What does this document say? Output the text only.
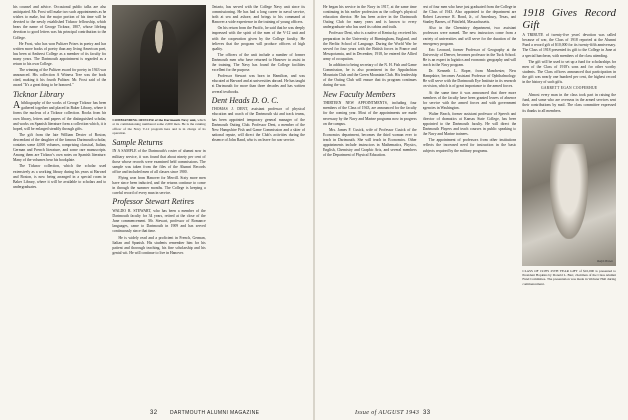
his counsel and advice. Occasional public talks are also anticipated. Mr. Frost will make two such appointments as he wishes to make, but the major portion of his time will be devoted to the newly established Ticknor fellowship, which bears the name of George Ticknor, 1807, whose lifelong devotion to good letters was his principal contribution to the College.

He Frost, who has won Pulitzer Prizes in poetry and has written more books of poetry than any living American poet, has been at Amherst College as a member of its faculty for many years. The Dartmouth appointment is regarded as a return to his own College.

The winning of the Pulitzer award for poetry in 1943 was announced. His collection A Witness Tree was the book cited, making it his fourth Pulitzer. Mr. Frost said of the award "It's a great thing to be honored."

Ticknor Library

Abibliography of the works of George Ticknor has been gathered together and placed in Baker Library, where it forms the nucleus of a Ticknor collection. Books from his own library, letters and papers of the distinguished scholar, and works on Spanish literature form a collection which, it is hoped, will be enlarged steadily through gifts.

The gift from the late William Dexter of Boston, descendant of the daughter of the famous Dartmouth scholar, contains some 4,000 volumes, comprising classical, Italian, German and French literature, and some rare manuscripts. Among them are Ticknor's own notes on Spanish literature. Many of the volumes bear his bookplate.

The Ticknor collection, which the scholar used extensively as a working library during his years at Harvard and Boston, is now being arranged in a special room in Baker Library, where it will be available to scholars and to undergraduates.

COMMANDING OFFICER of the Dartmouth Navy unit, which at its commissioning numbered some 2,000 men. He is the ranking officer of the Navy V-12 program here and is in charge of its operation.
Sample Returns

IN A SAMPLE of the Dartmouth's roster of alumni now in military service, it was found that about ninety per cent of those whose records were examined held commissions. The sample was taken from the files of the Alumni Records office and included men of all classes since 1900.

Flying won from Hanover for Merrill. Sixty more men have since been inducted, and the returns continue to come in through the summer months. The College is keeping a careful record of every man in service.

Professor Stewart Retires

WALDO R. STEWART, who has been a member of the Dartmouth faculty for 34 years, retired at the close of the June commencement. Mr. Stewart, professor of Romance languages, came to Dartmouth in 1909 and has served continuously since that time.

He is widely read and a proficient in French, German, Italian and Spanish. His students remember him for his patient and thorough teaching, his fine scholarship and his genial wit. He will continue to live in Hanover.

Ontario, has served with the College Navy unit since its commissioning. He has had a long career in naval service, both at sea and ashore, and brings to his command at Hanover a wide experience in the training of young officers.

On his return from the Pacific, he said that he was deeply impressed with the spirit of the men of the V-12 unit and with the cooperation given by the College faculty. He believes that the program will produce officers of high quality.

The officers of the unit include a number of former Dartmouth men who have returned to Hanover to assist in the training. The Navy has found the College facilities excellent for the purpose.

Professor Stewart was born in Hamilton, and was educated at Harvard and at universities abroad. He has taught at Dartmouth for more than three decades and has written several textbooks.

Dent Heads D. O. C.

THOMAS J. DENT, assistant professor of physical education and coach of the Dartmouth ski and track teams, has been appointed temporary general manager of the Dartmouth Outing Club. Professor Dent, a member of the New Hampshire Fish and Game Commission and a skier of national repute, will direct the Club's activities during the absence of John Rand, who is on leave for war service.

32	DARTMOUTH ALUMNI MAGAZINE

He began his service in the Navy in 1917, at the same time continuing in his earlier profession as the college's physical education director. He has been active in the Dartmouth Outing Club for many years and is known to every undergraduate who has used its cabins and trails.

Professor Dent, who is a native of Kentucky, received his preparation in the University of Birmingham, England, and the Berlitz School of Language. During the World War he served for four years with the British forces in France and Mesopotamia, and in December, 1918, he entered the Allied army of occupation.

In addition to being secretary of the N. H. Fish and Game Commission, he is also prominent in the Appalachian Mountain Club and the Green Mountain Club. His leadership of the Outing Club will ensure that its program continues during the war.

New Faculty Members

THIRTEEN NEW APPOINTMENTS, including four members of the Class of 1943, are announced for the faculty for the coming year. Most of the appointments are made necessary by the Navy and Marine programs now in progress on the campus.

Mrs. James F. Cusick, wife of Professor Cusick of the Economics department, becomes the third woman ever to teach in Dartmouth. She will teach in Economics. Other appointments include instructors in Mathematics, Physics, English, Chemistry and Graphic Arts, and several members of the Department of Physical Education.

rest of four men who have just graduated from the College in the Class of 1943. Also appointed to the department are Robert Lawrence R. Bond, Jr., of Amesbury, Texas, and Stanley Barnes, of Pittsfield, Massachusetts.

Also in the Chemistry department, two assistant professors were named. The new instructors come from a variety of universities and will serve for the duration of the emergency program.

Eric Leonard, former Professor of Geography at the University of Denver, becomes professor in the Tuck School. He is an expert in logistics and economic geography and will teach in the Navy program.

Dr. Kenneth L. Roper, from Manchester, New Hampshire, becomes Assistant Professor of Ophthalmology. He will serve with the Dartmouth Eye Institute in its research on vision, which is of great importance to the armed forces.

At the same time it was announced that three more members of the faculty have been granted leaves of absence for service with the armed forces and with government agencies in Washington.

Walter Beach, former assistant professor of Speech and director of dramatics at Kansas State College, has been appointed to the Dartmouth faculty. He will direct the Dartmouth Players and teach courses in public speaking to the Navy and Marine trainees.

The appointment of professors from other institutions reflects the increased need for instruction in the basic subjects required by the military programs.

1918 Gives Record Gift

A TRIBUTE of twenty-five years' devotion was called because of war, the Class of 1918 reported at the Alumni Fund a record gift of $10,000 for its twenty-fifth anniversary. The Class of 1918 presented its gift to the College in June at a special luncheon, with members of the class attending.

The gift will be used to set up a fund for scholarships for men of the Class of 1918's sons and for other worthy students. The Class officers announced that participation in the gift was nearly one hundred per cent, the highest record in the history of such gifts.

GARRETT EGAN COOPERHUE

Almost every man in the class took part in raising the fund, and some who are overseas in the armed services sent their contributions by mail. The class committee expressed its thanks to all members.

Ralph Brown
CLASS OF 1918'S 25TH YEAR GIFT of $10,000 is presented to President Hopkins by Donald L. Barr, chairman of the Class Alumni Fund Committee. The presentation was made in Webster Hall during commencement.
Issue of AUGUST 1943 33
